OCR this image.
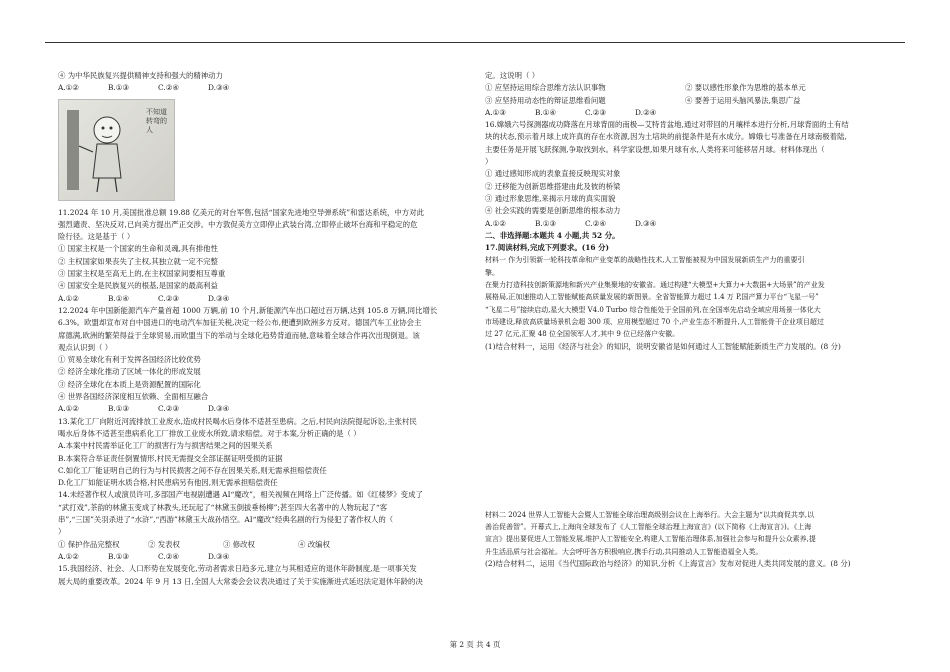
④ 为中华民族复兴提供精神支持和强大的精神动力
A.①②	B.①③	C.②④	D.③④
不知道转弯的人
11.2024 年 10 月,美国批准总额 19.88 亿美元的对台军售,包括“国家先进地空导弹系统”和雷达系统，中方对此
强烈谴责、坚决反对,已向美方提出严正交涉。中方敦促美方立即停止武装台湾,立即停止破坏台海和平稳定的危
险行径。这是基于（ ）
① 国家主权是一个国家的生命和灵魂,具有排他性
② 主权国家如果丧失了主权,其独立就一定不完整
③ 国家主权是至高无上的,在主权国家间要相互尊重
④ 国家安全是民族复兴的根基,是国家的最高利益
A.①②	B.①④	C.②③	D.③④
12.2024 年中国新能源汽车产量首超 1000 万辆,前 10 个月,新能源汽车出口超过百万辆,达到 105.8 万辆,同比增长
6.3%。欧盟却宣布对自中国进口的电动汽车加征关税,决定一经公布,便遭到欧洲多方反对。德国汽车工业协会主
席德满,欧洲的繁荣得益于全球贸易,而欧盟当下的举动与全球化趋势背道而驰,意味着全球合作再次出现倒退。该
观点认识到（ ）
① 贸易全球化有利于发挥各国经济比较优势
② 经济全球化推动了区域一体化的形成发展
③ 经济全球化在本质上是资源配置的国际化
④ 世界各国经济深度相互依赖、全面相互融合
A.①②	B.①③	C.②③	D.③④
13.某化工厂向附近河流排放工业废水,造成村民喝水后身体不适甚至患病。之后,村民向法院提起诉讼,主张村民
喝水后身体不适甚至患病系化工厂排放工业废水所致,请求赔偿。对于本案,分析正确的是（ ）
A.本案中村民需举证化工厂的损害行为与损害结果之间的因果关系
B.本案符合举证责任倒置情形,村民无需提交全部证据证明受损的证据
C.如化工厂能证明自己的行为与村民损害之间不存在因果关系,则无需承担赔偿责任
D.化工厂如能证明水质合格,村民患病另有他因,则无需承担赔偿责任
14.未经著作权人或演员许可,多部国产电视剧遭遇 AI“魔改”，相关视频在网络上广泛传播。如《红楼梦》变成了
“武打戏”,茶韵的林黛玉变成了林教头,还玩起了“林黛玉倒拔垂杨柳”;甚至四大名著中的人物玩起了“客
串”,“三国”关羽杀进了“水浒”,“西游”林黛玉大战孙悟空。AI“魔改”经典名剧的行为侵犯了著作权人的（
）
① 保护作品完整权	② 发表权	③ 修改权	④ 改编权
A.①②	B.①③	C.②④	D.③④
15.我国经济、社会、人口形势在发展变化,劳动者需求日趋多元,建立与其相适应的退休年龄制度,是一项事关发
展大局的重要改革。2024 年 9 月 13 日,全国人大常委会会议表决通过了关于实施渐进式延迟法定退休年龄的决
定。这说明（ ）
① 应坚持运用综合思维方法认识事物	② 要以感性形象作为思维的基本单元
③ 应坚持用动态性的辩证思维看问题	④ 要善于运用头脑风暴法,集思广益
A.①③	B.①④	C.②③	D.②④
16.嫦娥六号探测器成功降落在月球背面的南极—艾特肯盆地,通过对带回的月壤样本进行分析,月球背面的土有结
块的状态,预示着月球上成许真的存在水资源,因为土培块的前提条件是有水成分。嫦娥七号准备在月球南极着陆,
主要任务是开展飞跃探测,争取找到水。科学家设想,如果月球有水,人类将来可能移居月球。材料体现出（
）
① 通过感知形成的表象直接反映现实对象
② 迁移能为创新思维搭建由此及彼的桥梁
③ 通过形象思维,来揭示月球的真实面貌
④ 社会实践的需要是创新思维的根本动力
A.①②	B.①③	C.②④	D.③④
二、非选择题:本题共 4 小题,共 52 分。
17.阅读材料,完成下列要求。(16 分)
材料一 作为引领新一轮科技革命和产业变革的战略性技术,人工智能被视为中国发展新质生产力的重要引
擎。
在聚力打造科技创新策源地和新兴产业集聚地的安徽省。通过构建“大模型+大算力+大数据+大场景”的产业发
展格局,正加速推动人工智能赋能高质量发展的新图景。全省智能算力超过 1.4 万 P,国产算力平台“飞星一号”
“飞星二号”接续启动,星火大模型 V4.0 Turbo 综合性能处于全国前列,在全国率先启动全域应用场景一体化大
市场建设,释放高质量场景机会超 300 项、应用模型超过 70 个,产业生态不断提升,人工智能骨干企业项目超过
过 27 亿元,汇聚 48 位全国领军人才,其中 9 位已经落户安徽。
(1)结合材料一，运用《经济与社会》的知识，说明安徽省是如何通过人工智能赋能新质生产力发展的。(8 分)
材料二 2024 世界人工智能大会暨人工智能全球治理高级别会议在上海举行。大会主题为“以共商促共享,以
善治促善智”。开幕式上,上海向全球发布了《人工智能全球治理上海宣言》(以下简称《上海宣言》)。《上海
宣言》提出要促进人工智能发展,维护人工智能安全,构建人工智能治理体系,加强社会参与和提升公众素养,提
升生活品质与社会福祉。大会呼吁各方积极响应,携手行动,共同推动人工智能造福全人类。
(2)结合材料二，运用《当代国际政治与经济》的知识,分析《上海宣言》发布对促进人类共同发展的意义。(8 分)
第 2 页 共 4 页
